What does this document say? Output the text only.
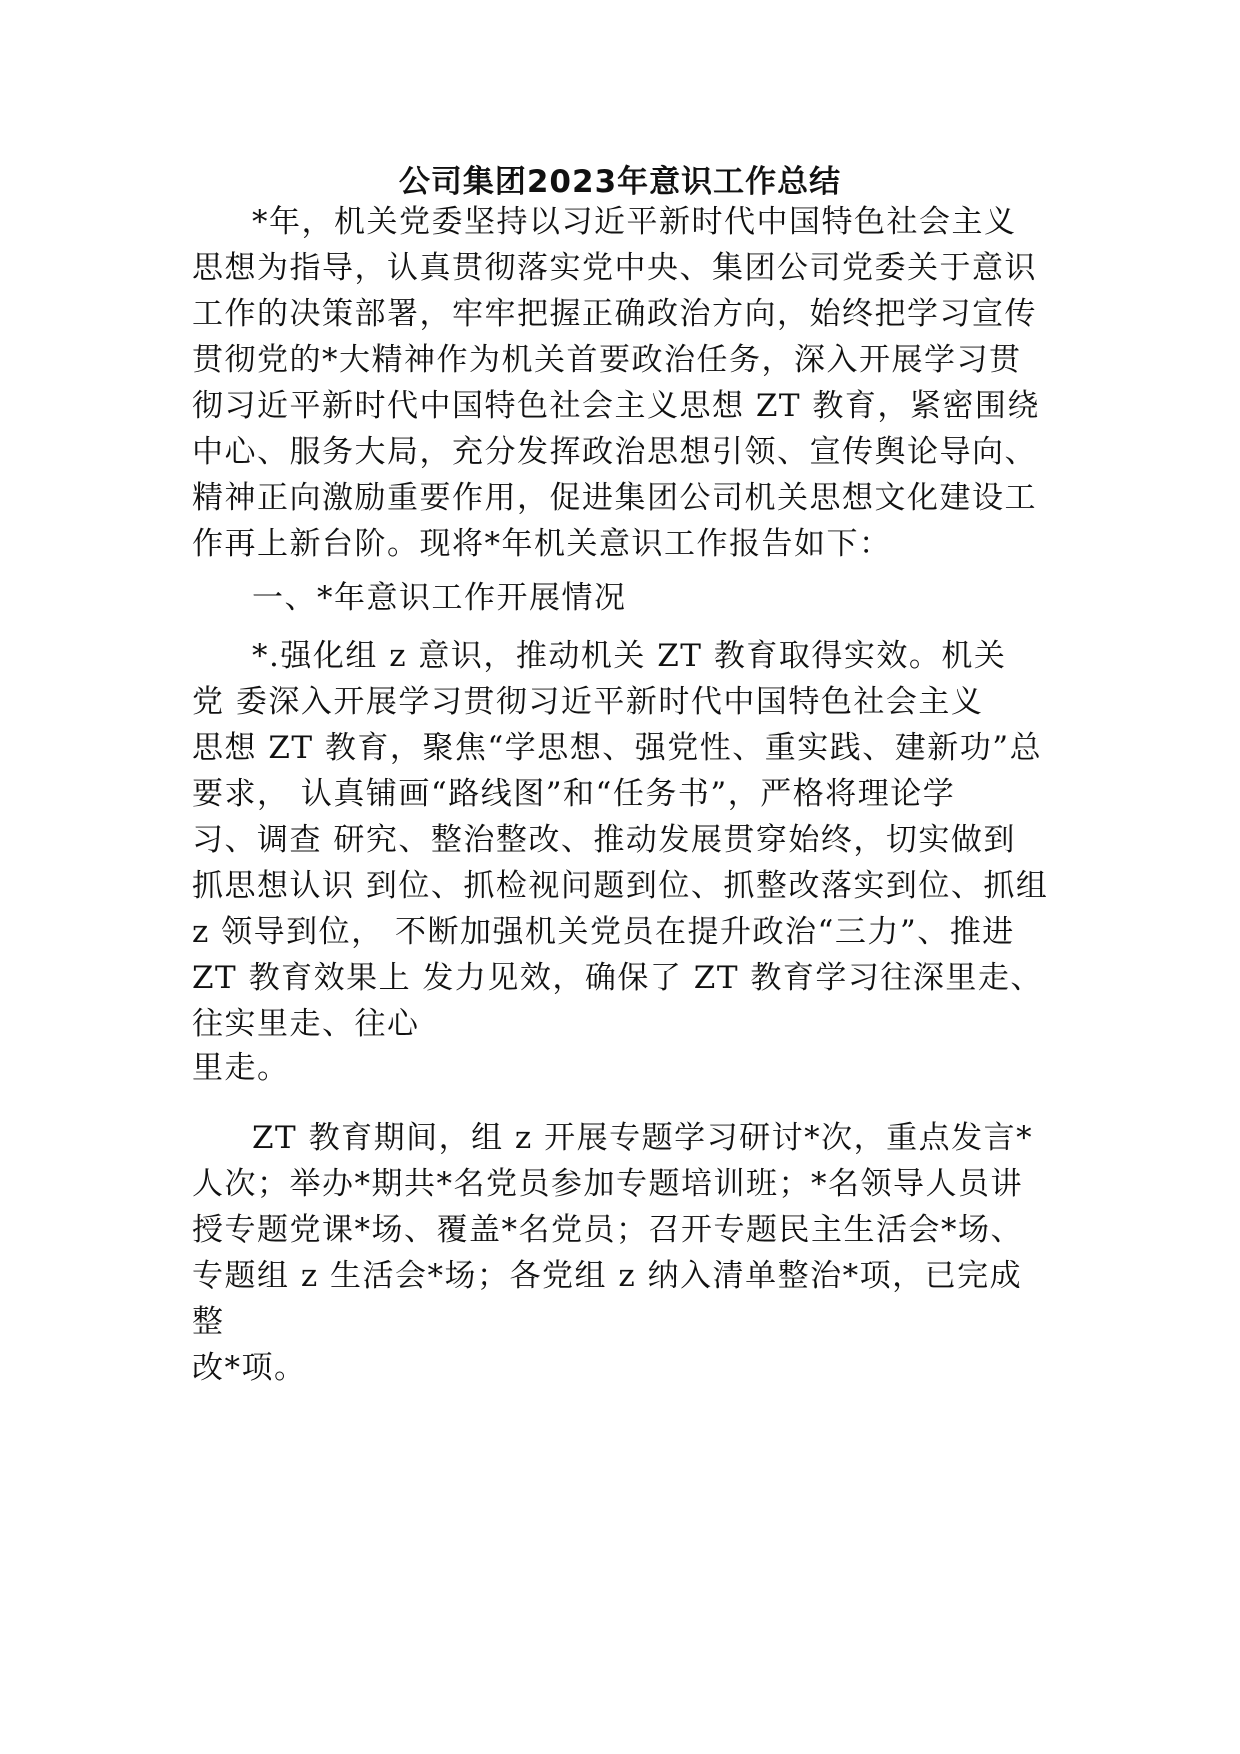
公司集团2023年意识工作总结
*年，机关党委坚持以习近平新时代中国特色社会主义
思想为指导，认真贯彻落实党中央、集团公司党委关于意识
工作的决策部署，牢牢把握正确政治方向，始终把学习宣传
贯彻党的*大精神作为机关首要政治任务，深入开展学习贯
彻习近平新时代中国特色社会主义思想 ZT 教育，紧密围绕
中心、服务大局，充分发挥政治思想引领、宣传舆论导向、
精神正向激励重要作用，促进集团公司机关思想文化建设工
作再上新台阶。现将*年机关意识工作报告如下：
一、*年意识工作开展情况
*.强化组 z 意识，推动机关 ZT 教育取得实效。机关
党 委深入开展学习贯彻习近平新时代中国特色社会主义
思想 ZT 教育，聚焦“学思想、强党性、重实践、建新功”总
要求， 认真铺画“路线图”和“任务书”，严格将理论学
习、调查 研究、整治整改、推动发展贯穿始终，切实做到
抓思想认识 到位、抓检视问题到位、抓整改落实到位、抓组
z 领导到位， 不断加强机关党员在提升政治“三力”、推进
ZT 教育效果上 发力见效，确保了 ZT 教育学习往深里走、
往实里走、往心
里走。
ZT 教育期间，组 z 开展专题学习研讨*次，重点发言*
人次；举办*期共*名党员参加专题培训班；*名领导人员讲
授专题党课*场、覆盖*名党员；召开专题民主生活会*场、
专题组 z 生活会*场；各党组 z 纳入清单整治*项，已完成
整
改*项。
